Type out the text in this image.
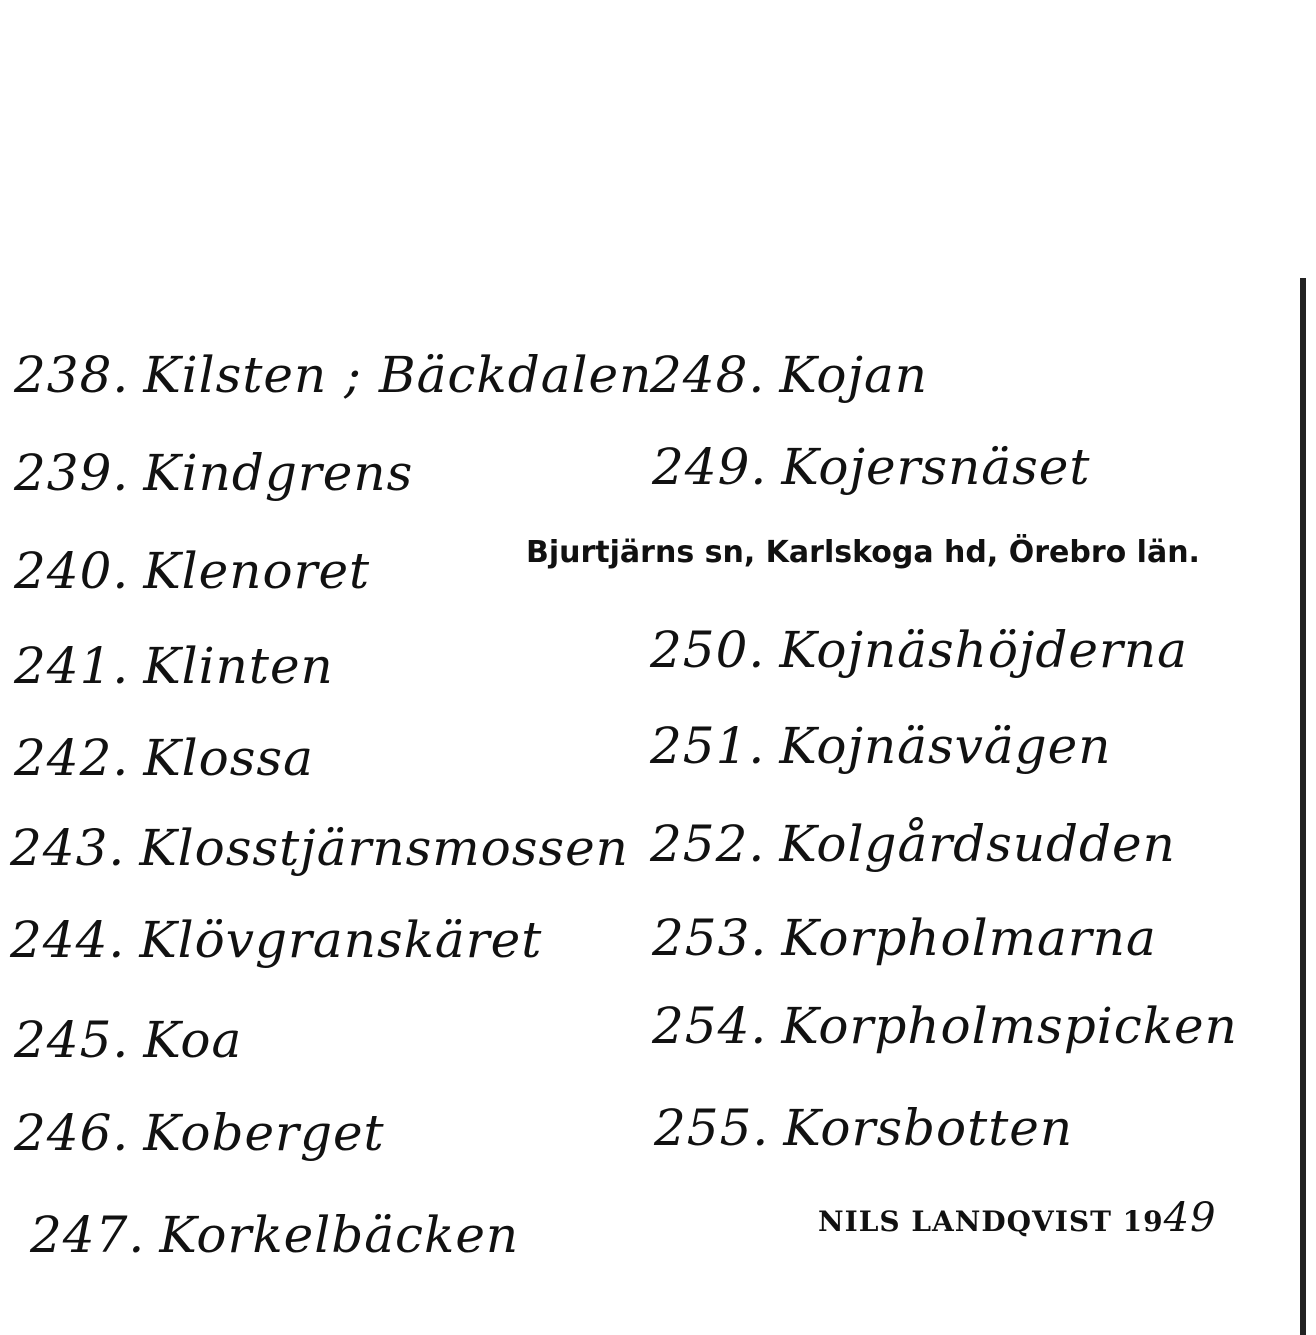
238. Kilsten ; Bäckdalen
239. Kindgrens
240. Klenoret
241. Klinten
242. Klossa
243. Klosstjärnsmossen
244. Klövgranskäret
245. Koa
246. Koberget
247. Korkelbäcken
248. Kojan
249. Kojersnäset
Bjurtjärns sn, Karlskoga hd, Örebro län.
250. Kojnäshöjderna
251. Kojnäsvägen
252. Kolgårdsudden
253. Korpholmarna
254. Korpholmspicken
255. Korsbotten
NILS LANDQVIST 1949
